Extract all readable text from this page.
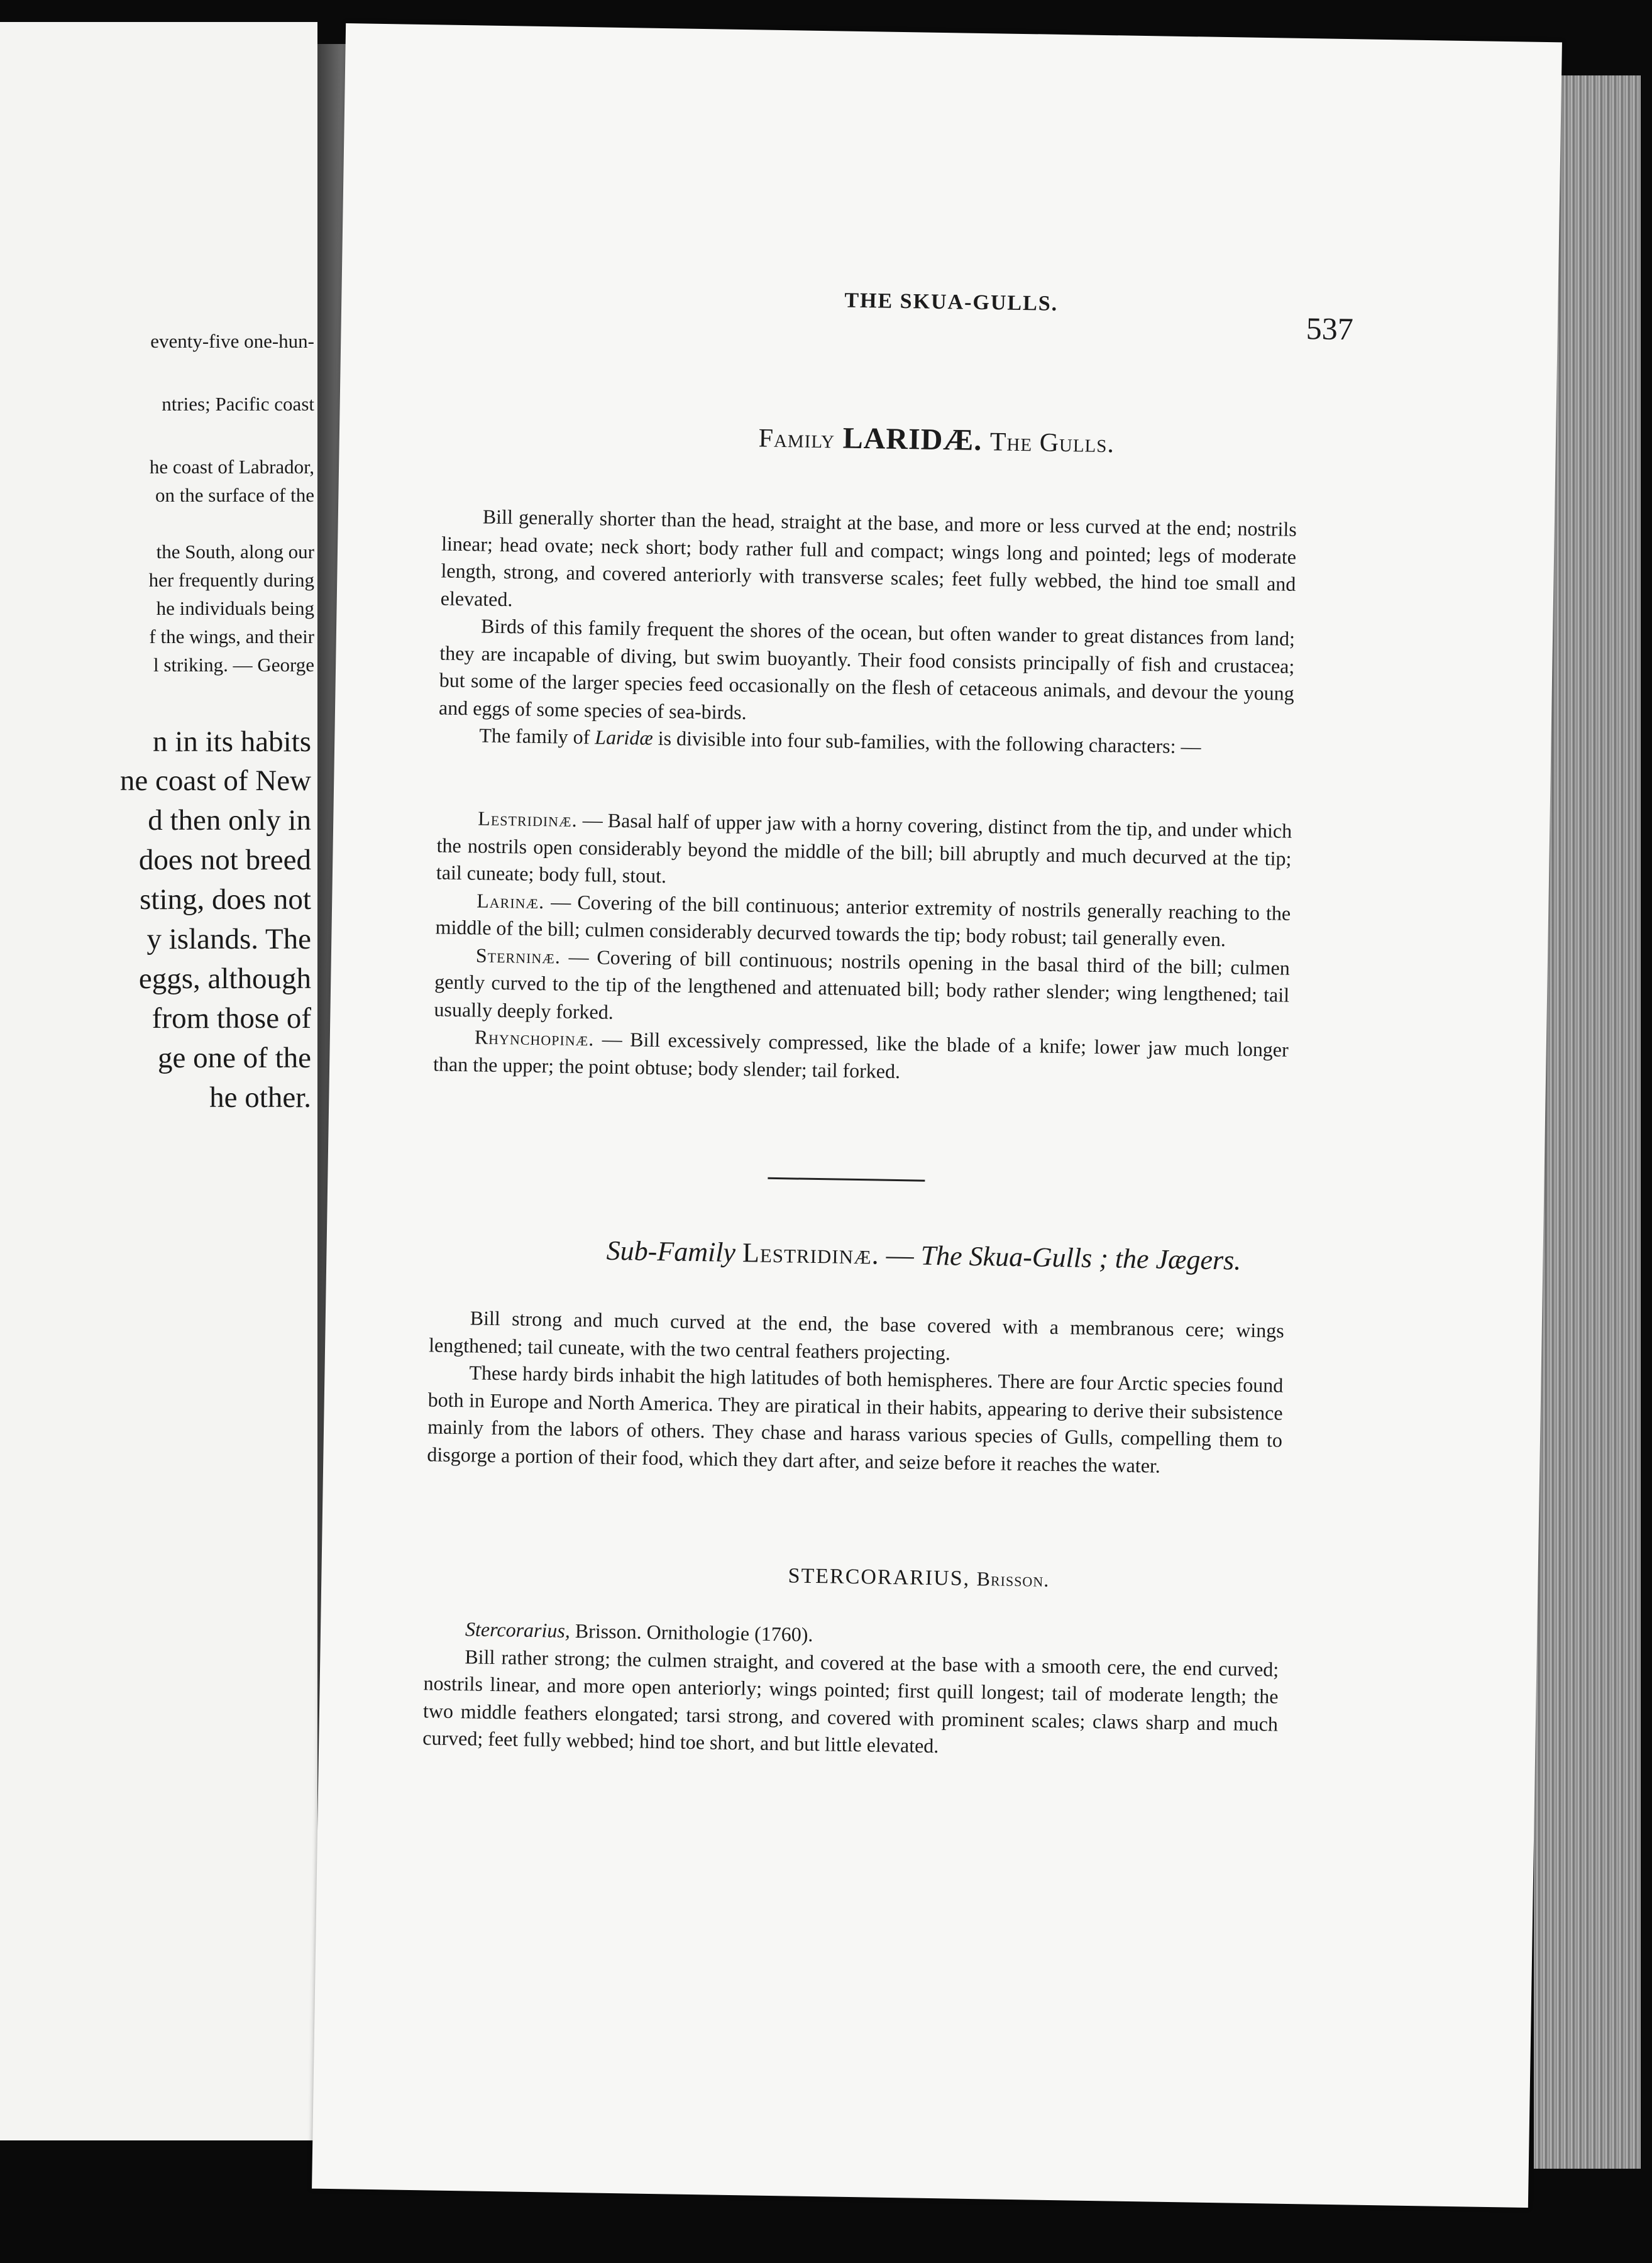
eventy-five one-hun-
ntries; Pacific coast
he coast of Labrador,
on the surface of the
the South, along our
her frequently during
he individuals being
f the wings, and their
l striking. — George
n in its habits
ne coast of New
d then only in
does not breed
sting, does not
y islands. The
eggs, although
from those of
ge one of the
he other.
THE SKUA-GULLS.
537
Family LARIDÆ. The Gulls.

Bill generally shorter than the head, straight at the base, and more or less curved at the end; nostrils linear; head ovate; neck short; body rather full and compact; wings long and pointed; legs of moderate length, strong, and covered anteriorly with transverse scales; feet fully webbed, the hind toe small and elevated.

Birds of this family frequent the shores of the ocean, but often wander to great distances from land; they are incapable of diving, but swim buoyantly. Their food consists principally of fish and crustacea; but some of the larger species feed occasionally on the flesh of cetaceous animals, and devour the young and eggs of some species of sea-birds.

The family of Laridæ is divisible into four sub-families, with the following characters: —

Lestridinæ. — Basal half of upper jaw with a horny covering, distinct from the tip, and under which the nostrils open considerably beyond the middle of the bill; bill abruptly and much decurved at the tip; tail cuneate; body full, stout.

Larinæ. — Covering of the bill continuous; anterior extremity of nostrils generally reaching to the middle of the bill; culmen considerably decurved towards the tip; body robust; tail generally even.

Sterninæ. — Covering of bill continuous; nostrils opening in the basal third of the bill; culmen gently curved to the tip of the lengthened and attenuated bill; body rather slender; wing lengthened; tail usually deeply forked.

Rhynchopinæ. — Bill excessively compressed, like the blade of a knife; lower jaw much longer than the upper; the point obtuse; body slender; tail forked.

Sub-Family Lestridinæ. — The Skua-Gulls ; the Jægers.

Bill strong and much curved at the end, the base covered with a membranous cere; wings lengthened; tail cuneate, with the two central feathers projecting.

These hardy birds inhabit the high latitudes of both hemispheres. There are four Arctic species found both in Europe and North America. They are piratical in their habits, appearing to derive their subsistence mainly from the labors of others. They chase and harass various species of Gulls, compelling them to disgorge a portion of their food, which they dart after, and seize before it reaches the water.

STERCORARIUS, Brisson.

Stercorarius, Brisson. Ornithologie (1760).

Bill rather strong; the culmen straight, and covered at the base with a smooth cere, the end curved; nostrils linear, and more open anteriorly; wings pointed; first quill longest; tail of moderate length; the two middle feathers elongated; tarsi strong, and covered with prominent scales; claws sharp and much curved; feet fully webbed; hind toe short, and but little elevated.
